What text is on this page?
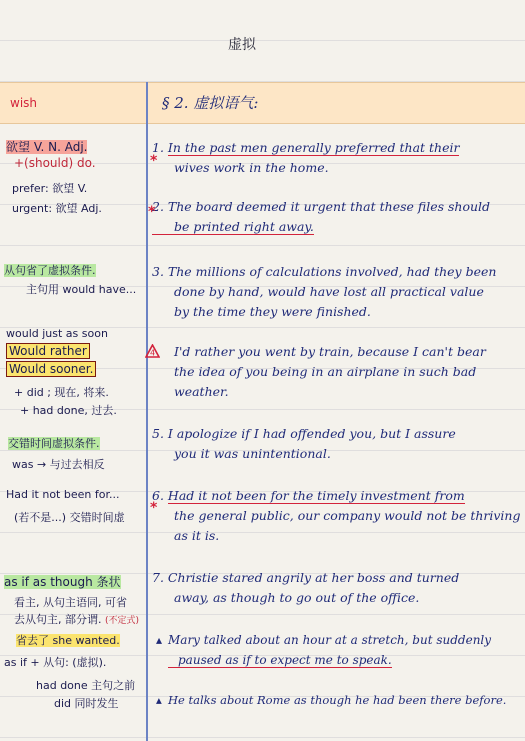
虚拟
§ 2. 虚拟语气:
wish
欲望 V. N. Adj.
+(should) do.
prefer: 欲望 V.
urgent: 欲望 Adj.
从句省了虚拟条件.
主句用 would have...
would just as soon
Would rather
Would sooner.
+ did ; 现在, 将来.
+ had done, 过去.
交错时间虚拟条件.
was → 与过去相反
Had it not been for...
(若不是...) 交错时间虚
as if as though 条状
看主, 从句主语同, 可省
去从句主, 部分谓. (不定式)
省去了 she wanted.
as if + 从句: (虚拟).
had done 主句之前
did 同时发生
1. In the past men generally preferred that their
wives work in the home.
*
2. The board deemed it urgent that these files should
be printed right away.
*
3. The millions of calculations involved, had they been
done by hand, would have lost all practical value
by the time they were finished.
4	I'd rather you went by train, because I can't bear
the idea of you being in an airplane in such bad
weather.
5. I apologize if I had offended you, but I assure
you it was unintentional.
6. Had it not been for the timely investment from
the general public, our company would not be thriving
as it is.
*
7. Christie stared angrily at her boss and turned
away, as though to go out of the office.
▴ Mary talked about an hour at a stretch, but suddenly
paused as if to expect me to speak.
▴ He talks about Rome as though he had been there before.
